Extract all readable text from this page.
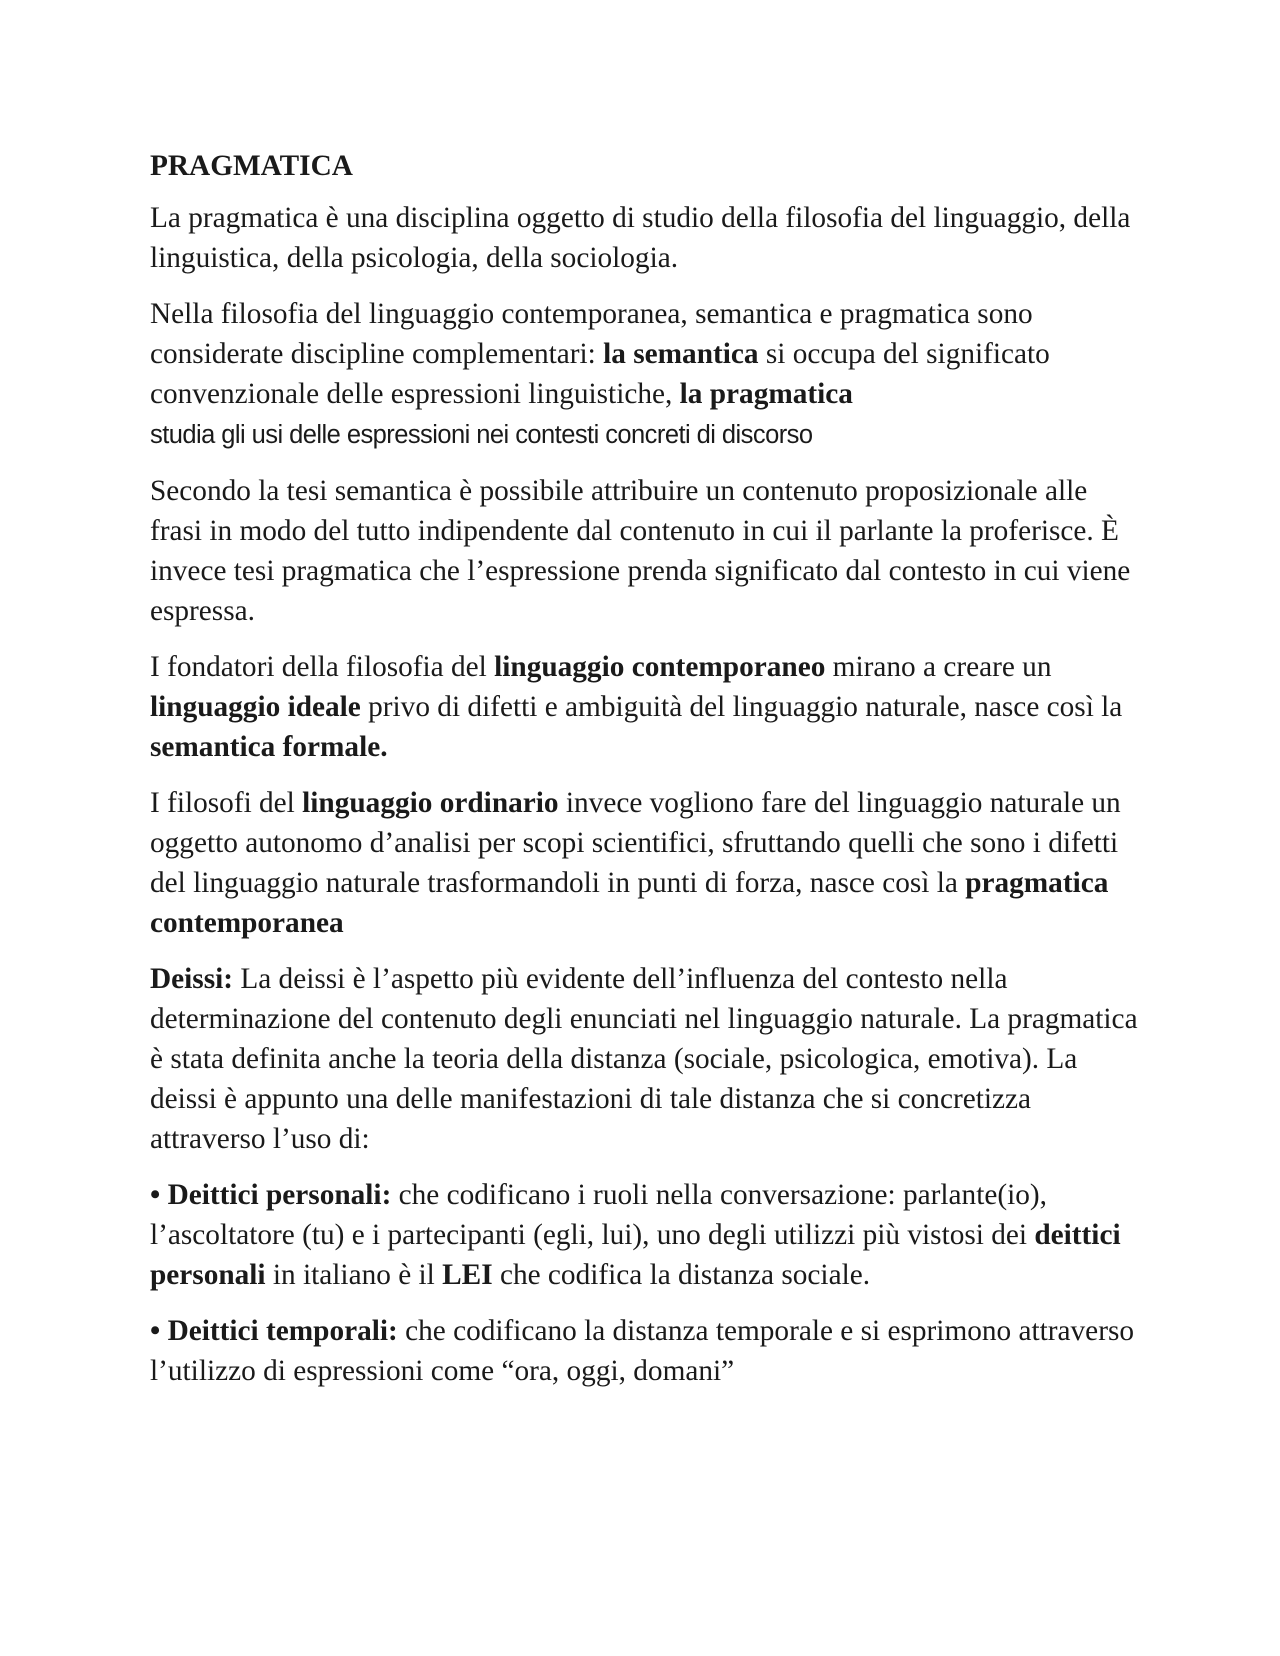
PRAGMATICA

La pragmatica è una disciplina oggetto di studio della filosofia del linguaggio, della linguistica, della psicologia, della sociologia.

Nella filosofia del linguaggio contemporanea, semantica e pragmatica sono considerate discipline complementari: la semantica si occupa del significato convenzionale delle espressioni linguistiche, la pragmatica
studia gli usi delle espressioni nei contesti concreti di discorso

Secondo la tesi semantica è possibile attribuire un contenuto proposizionale alle frasi in modo del tutto indipendente dal contenuto in cui il parlante la proferisce. È invece tesi pragmatica che l’espressione prenda significato dal contesto in cui viene espressa.

I fondatori della filosofia del linguaggio contemporaneo mirano a creare un linguaggio ideale privo di difetti e ambiguità del linguaggio naturale, nasce così la semantica formale.

I filosofi del linguaggio ordinario invece vogliono fare del linguaggio naturale un oggetto autonomo d’analisi per scopi scientifici, sfruttando quelli che sono i difetti del linguaggio naturale trasformandoli in punti di forza, nasce così la pragmatica contemporanea

Deissi: La deissi è l’aspetto più evidente dell’influenza del contesto nella determinazione del contenuto degli enunciati nel linguaggio naturale. La pragmatica è stata definita anche la teoria della distanza (sociale, psicologica, emotiva). La deissi è appunto una delle manifestazioni di tale distanza che si concretizza attraverso l’uso di:

• Deittici personali: che codificano i ruoli nella conversazione: parlante(io), l’ascoltatore (tu) e i partecipanti (egli, lui), uno degli utilizzi più vistosi dei deittici personali in italiano è il LEI che codifica la distanza sociale.

• Deittici temporali: che codificano la distanza temporale e si esprimono attraverso l’utilizzo di espressioni come “ora, oggi, domani”
